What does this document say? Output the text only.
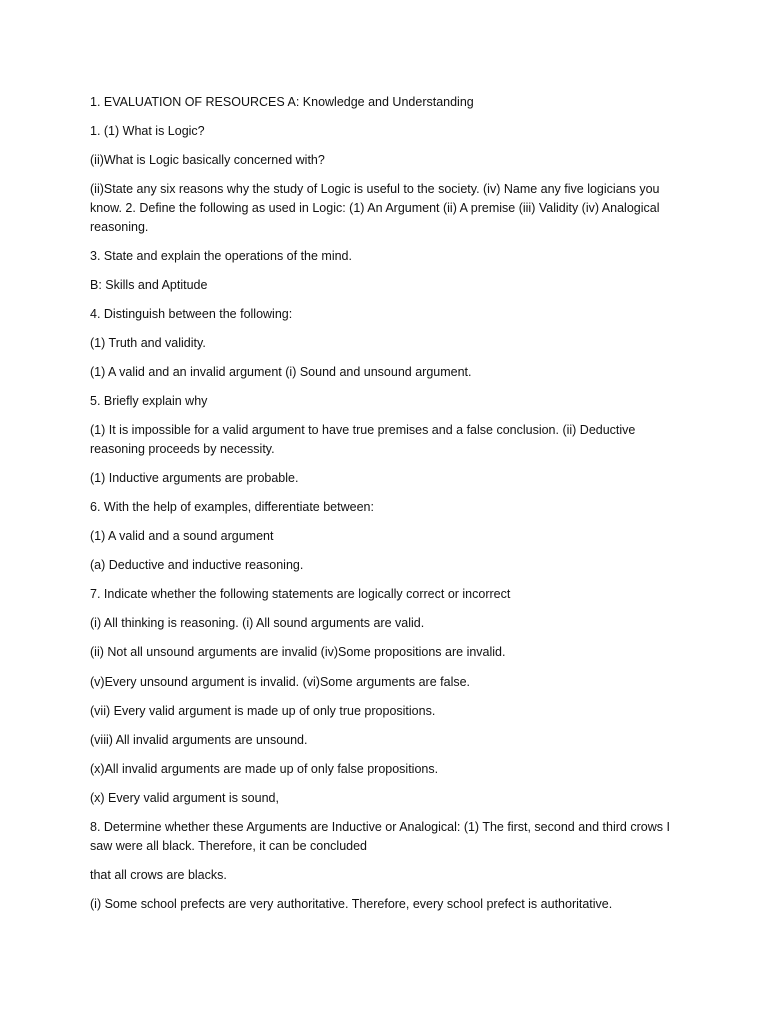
1. EVALUATION OF RESOURCES A: Knowledge and Understanding

1. (1) What is Logic?

(ii)What is Logic basically concerned with?

(ii)State any six reasons why the study of Logic is useful to the society. (iv) Name any five logicians you know. 2. Define the following as used in Logic: (1) An Argument (ii) A premise (iii) Validity (iv) Analogical reasoning.

3. State and explain the operations of the mind.

B: Skills and Aptitude

4. Distinguish between the following:

(1) Truth and validity.

(1) A valid and an invalid argument (i) Sound and unsound argument.

5. Briefly explain why

(1) It is impossible for a valid argument to have true premises and a false conclusion. (ii) Deductive reasoning proceeds by necessity.

(1) Inductive arguments are probable.

6. With the help of examples, differentiate between:

(1) A valid and a sound argument

(a) Deductive and inductive reasoning.

7. Indicate whether the following statements are logically correct or incorrect

(i) All thinking is reasoning. (i) All sound arguments are valid.

(ii) Not all unsound arguments are invalid (iv)Some propositions are invalid.

(v)Every unsound argument is invalid. (vi)Some arguments are false.

(vii) Every valid argument is made up of only true propositions.

(viii) All invalid arguments are unsound.

(x)All invalid arguments are made up of only false propositions.

(x) Every valid argument is sound,

8. Determine whether these Arguments are Inductive or Analogical: (1) The first, second and third crows I saw were all black. Therefore, it can be concluded

that all crows are blacks.

(i) Some school prefects are very authoritative. Therefore, every school prefect is authoritative.
